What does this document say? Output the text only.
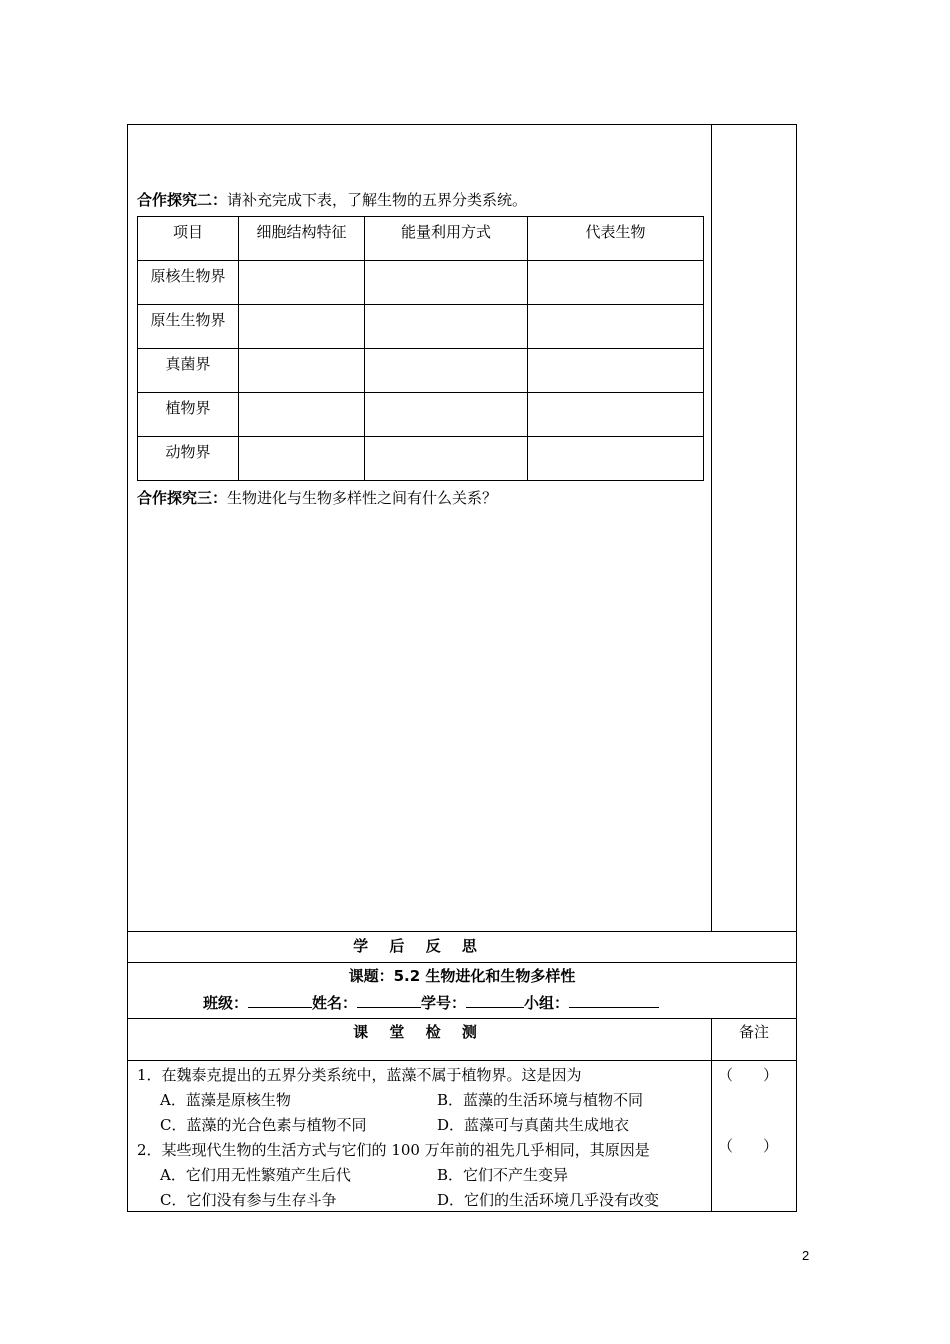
合作探究二：请补充完成下表，了解生物的五界分类系统。
项目	细胞结构特征	能量利用方式	代表生物
原核生物界			
原生生物界			
真菌界			
植物界			
动物界			
合作探究三：生物进化与生物多样性之间有什么关系？
学 后 反 思
课题：5.2 生物进化和生物多样性
班级：	姓名：	学号：	小组：
课 堂 检 测	备注
1．在魏泰克提出的五界分类系统中，蓝藻不属于植物界。这是因为
A．蓝藻是原核生物	B．蓝藻的生活环境与植物不同
C．蓝藻的光合色素与植物不同	D．蓝藻可与真菌共生成地衣
（　　）
2．某些现代生物的生活方式与它们的 100 万年前的祖先几乎相同，其原因是
A．它们用无性繁殖产生后代	B．它们不产生变异
C．它们没有参与生存斗争	D．它们的生活环境几乎没有改变
（　　）
2
